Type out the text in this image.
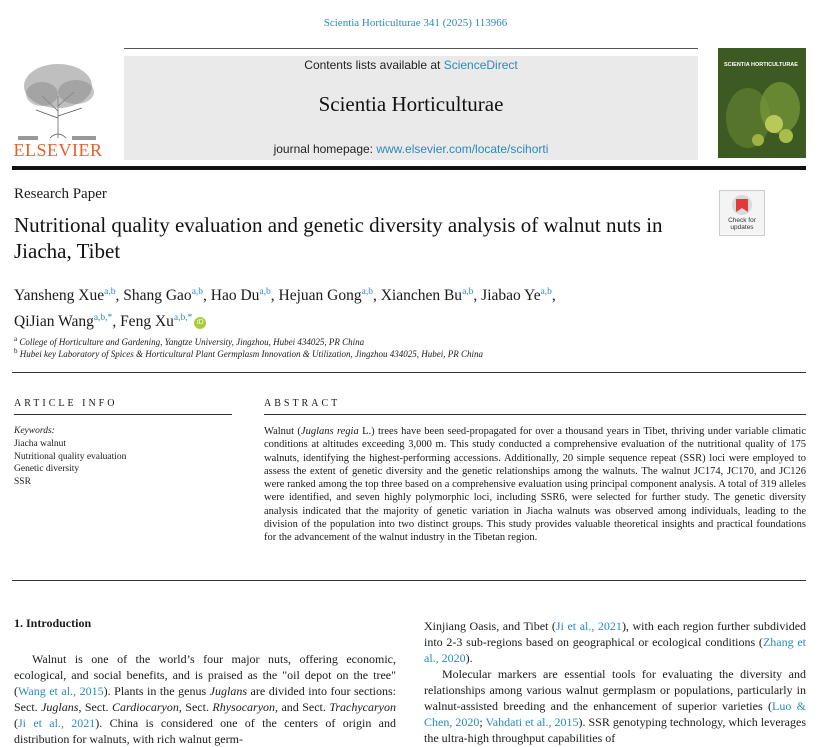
Scientia Horticulturae 341 (2025) 113966
ELSEVIER
Contents lists available at ScienceDirect
Scientia Horticulturae
journal homepage: www.elsevier.com/locate/scihorti
SCIENTIA HORTICULTURAE
Research Paper
Check for updates
Nutritional quality evaluation and genetic diversity analysis of walnut nuts in Jiacha, Tibet
Yansheng Xue$^{a,b}$, Shang Gao$^{a,b}$, Hao Du$^{a,b}$, Hejuan Gong$^{a,b}$, Xianchen Bu$^{a,b}$, Jiabao Ye$^{a,b}$,
QiJian Wang$^{a,b,*}$, Feng $Xu^{a,b,*}$ iD
$^a$ College of Horticulture and Gardening, Yangtze University, Jingzhou, Hubei 434025, PR China
$^b$ Hubei key Laboratory of Spices & Horticultural Plant Germplasm Innovation & Utilization, Jingzhou 434025, Hubei, PR China
ARTICLE INFO
Keywords:
Jiacha walnut
Nutritional quality evaluation
Genetic diversity
SSR
ABSTRACT
Walnut (Juglans regia L.) trees have been seed-propagated for over a thousand years in Tibet, thriving under variable climatic conditions at altitudes exceeding 3,000 m. This study conducted a comprehensive evaluation of the nutritional quality of 175 walnuts, identifying the highest-performing accessions. Additionally, 20 simple sequence repeat (SSR) loci were employed to assess the extent of genetic diversity and the genetic relationships among the walnuts. The walnut JC174, JC170, and JC126 were ranked among the top three based on a comprehensive evaluation using principal component analysis. A total of 319 alleles were identified, and seven highly polymorphic loci, including SSR6, were selected for further study. The genetic diversity analysis indicated that the majority of genetic variation in Jiacha walnuts was observed among individuals, leading to the division of the population into two distinct groups. This study provides valuable theoretical insights and practical foundations for the advancement of the walnut industry in the Tibetan region.
1. Introduction

Walnut is one of the world’s four major nuts, offering economic, ecological, and social benefits, and is praised as the "oil depot on the tree" (Wang et al., 2015). Plants in the genus Juglans are divided into four sections: Sect. Juglans, Sect. Cardiocaryon, Sect. Rhysocaryon, and Sect. Trachycaryon (Ji et al., 2021). China is considered one of the centers of origin and distribution for walnuts, with rich walnut germ-

Xinjiang Oasis, and Tibet (Ji et al., 2021), with each region further subdivided into 2-3 sub-regions based on geographical or ecological conditions (Zhang et al., 2020).

Molecular markers are essential tools for evaluating the diversity and relationships among various walnut germplasm or populations, particularly in walnut-assisted breeding and the enhancement of superior varieties (Luo & Chen, 2020; Vahdati et al., 2015). SSR genotyping technology, which leverages the ultra-high throughput capabilities of
